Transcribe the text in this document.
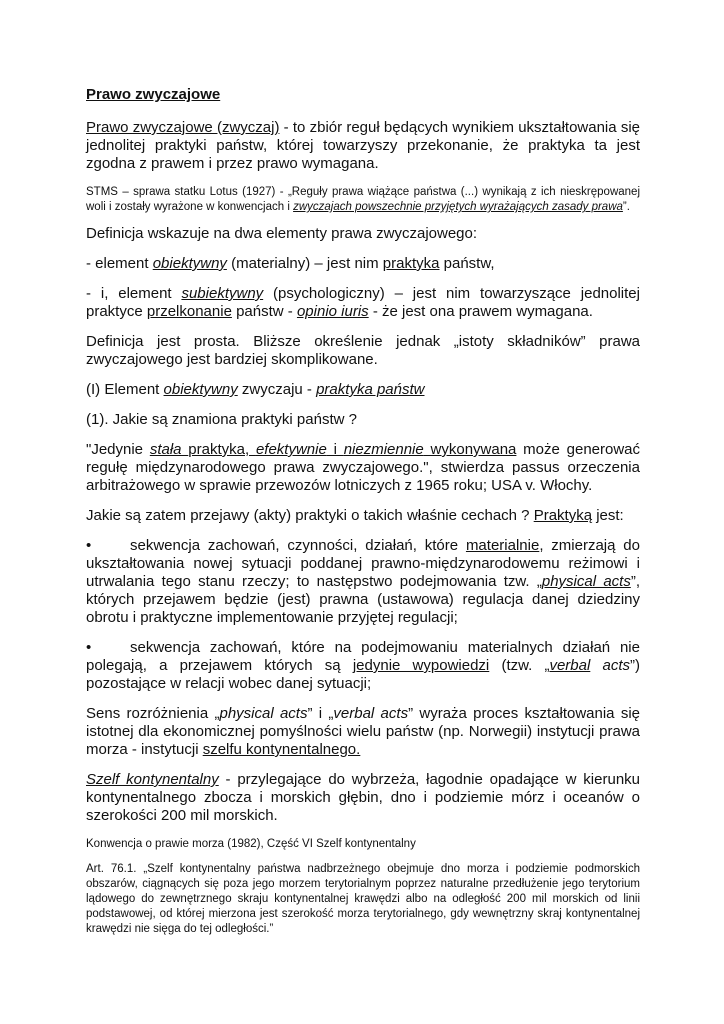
Prawo zwyczajowe

Prawo zwyczajowe (zwyczaj) - to zbiór reguł będących wynikiem ukształtowania się jednolitej praktyki państw, której towarzyszy przekonanie, że praktyka ta jest zgodna z prawem i przez prawo wymagana.

STMS – sprawa statku Lotus (1927) - „Reguły prawa wiążące państwa (...) wynikają z ich nieskrępowanej woli i zostały wyrażone w konwencjach i zwyczajach powszechnie przyjętych wyrażających zasady prawa”.

Definicja wskazuje na dwa elementy prawa zwyczajowego:

- element obiektywny (materialny) – jest nim praktyka państw,

- i, element subiektywny (psychologiczny) – jest nim towarzyszące jednolitej praktyce przelkonanie państw - opinio iuris - że jest ona prawem wymagana.

Definicja jest prosta. Bliższe określenie jednak „istoty składników” prawa zwyczajowego jest bardziej skomplikowane.

(I) Element obiektywny zwyczaju - praktyka państw

(1). Jakie są znamiona praktyki państw ?

"Jedynie stała praktyka, efektywnie i niezmiennie wykonywana może generować regułę międzynarodowego prawa zwyczajowego.", stwierdza passus orzeczenia arbitrażowego w sprawie przewozów lotniczych z 1965 roku; USA v. Włochy.

Jakie są zatem przejawy (akty) praktyki o takich właśnie cechach ? Praktyką jest:

•	sekwencja zachowań, czynności, działań, które materialnie, zmierzają do ukształtowania nowej sytuacji poddanej prawno-międzynarodowemu reżimowi i utrwalania tego stanu rzeczy; to następstwo podejmowania tzw. „physical acts”, których przejawem będzie (jest) prawna (ustawowa) regulacja danej dziedziny obrotu i praktyczne implementowanie przyjętej regulacji;

•	sekwencja zachowań, które na podejmowaniu materialnych działań nie polegają, a przejawem których są jedynie wypowiedzi (tzw. „verbal acts”) pozostające w relacji wobec danej sytuacji;

Sens rozróżnienia „physical acts” i „verbal acts” wyraża proces kształtowania się istotnej dla ekonomicznej pomyślności wielu państw (np. Norwegii) instytucji prawa morza - instytucji szelfu kontynentalnego.

Szelf kontynentalny - przylegające do wybrzeża, łagodnie opadające w kierunku kontynentalnego zbocza i morskich głębin, dno i podziemie mórz i oceanów o szerokości 200 mil morskich.

Konwencja o prawie morza (1982), Część VI Szelf kontynentalny

Art. 76.1. „Szelf kontynentalny państwa nadbrzeżnego obejmuje dno morza i podziemie podmorskich obszarów, ciągnących się poza jego morzem terytorialnym poprzez naturalne przedłużenie jego terytorium lądowego do zewnętrznego skraju kontynentalnej krawędzi albo na odległość 200 mil morskich od linii podstawowej, od której mierzona jest szerokość morza terytorialnego, gdy wewnętrzny skraj kontynentalnej krawędzi nie sięga do tej odległości.”
